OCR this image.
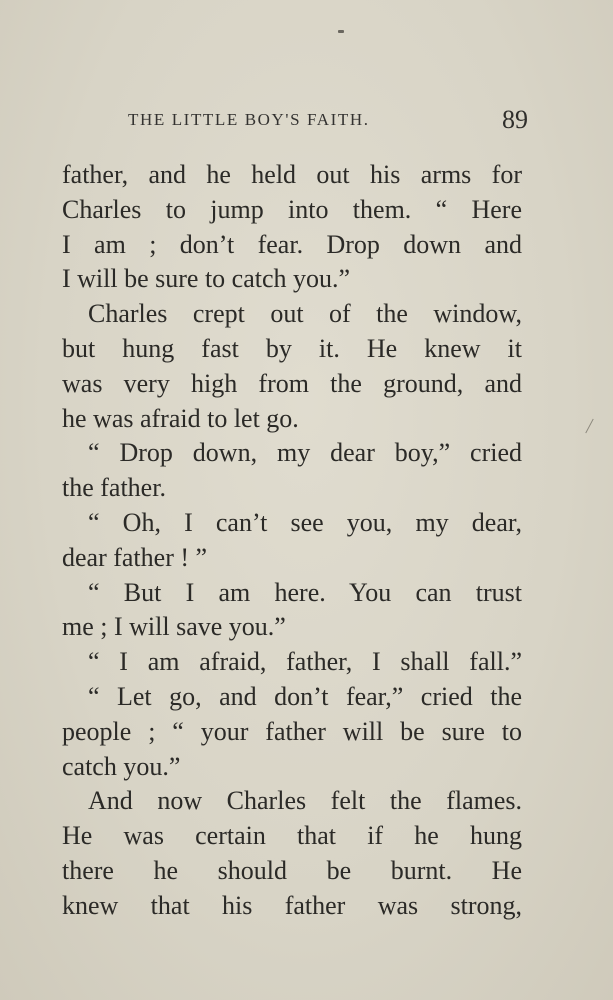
THE LITTLE BOY'S FAITH.	89
father, and he held out his arms for
Charles to jump into them. “ Here
I am ; don’t fear. Drop down and
I will be sure to catch you.”
Charles crept out of the window,
but hung fast by it. He knew it
was very high from the ground, and
he was afraid to let go.
“ Drop down, my dear boy,” cried
the father.
“ Oh, I can’t see you, my dear,
dear father ! ”
“ But I am here. You can trust
me ; I will save you.”
“ I am afraid, father, I shall fall.”
“ Let go, and don’t fear,” cried the
people ; “ your father will be sure to
catch you.”
And now Charles felt the flames.
He was certain that if he hung
there he should be burnt. He
knew that his father was strong,
